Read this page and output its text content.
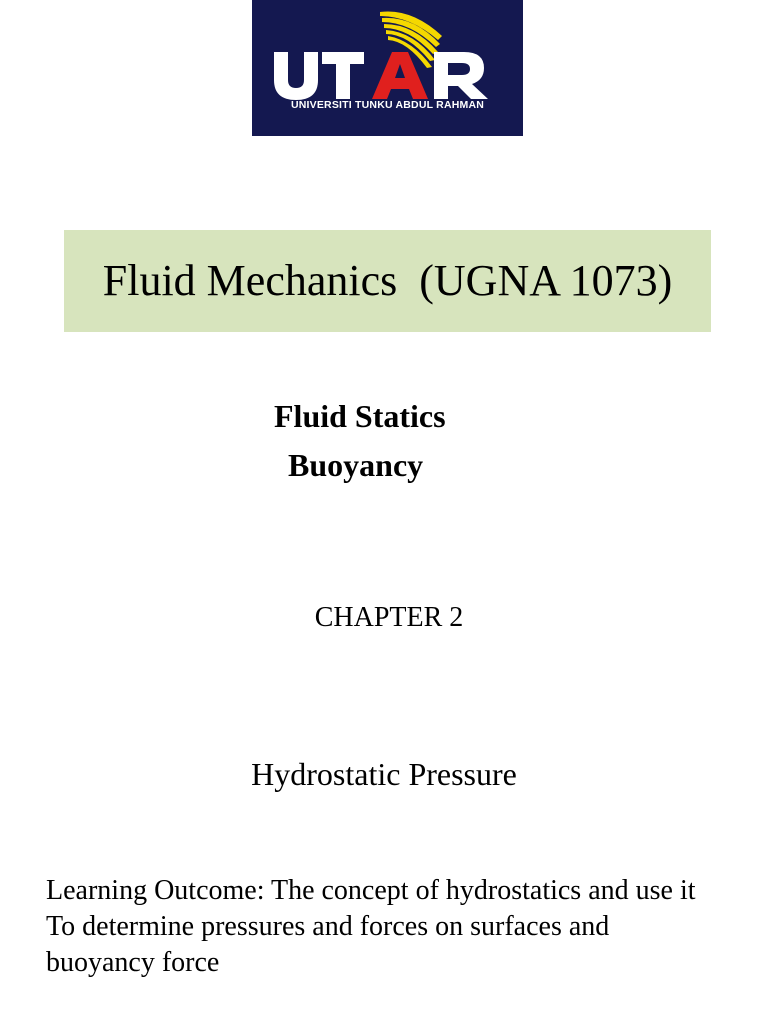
UNIVERSITI TUNKU ABDUL RAHMAN
Fluid Mechanics  (UGNA 1073)
Fluid Statics
Buoyancy
CHAPTER 2
Hydrostatic Pressure
Learning Outcome: The concept of hydrostatics and use it
To determine pressures and forces on surfaces and
buoyancy force
